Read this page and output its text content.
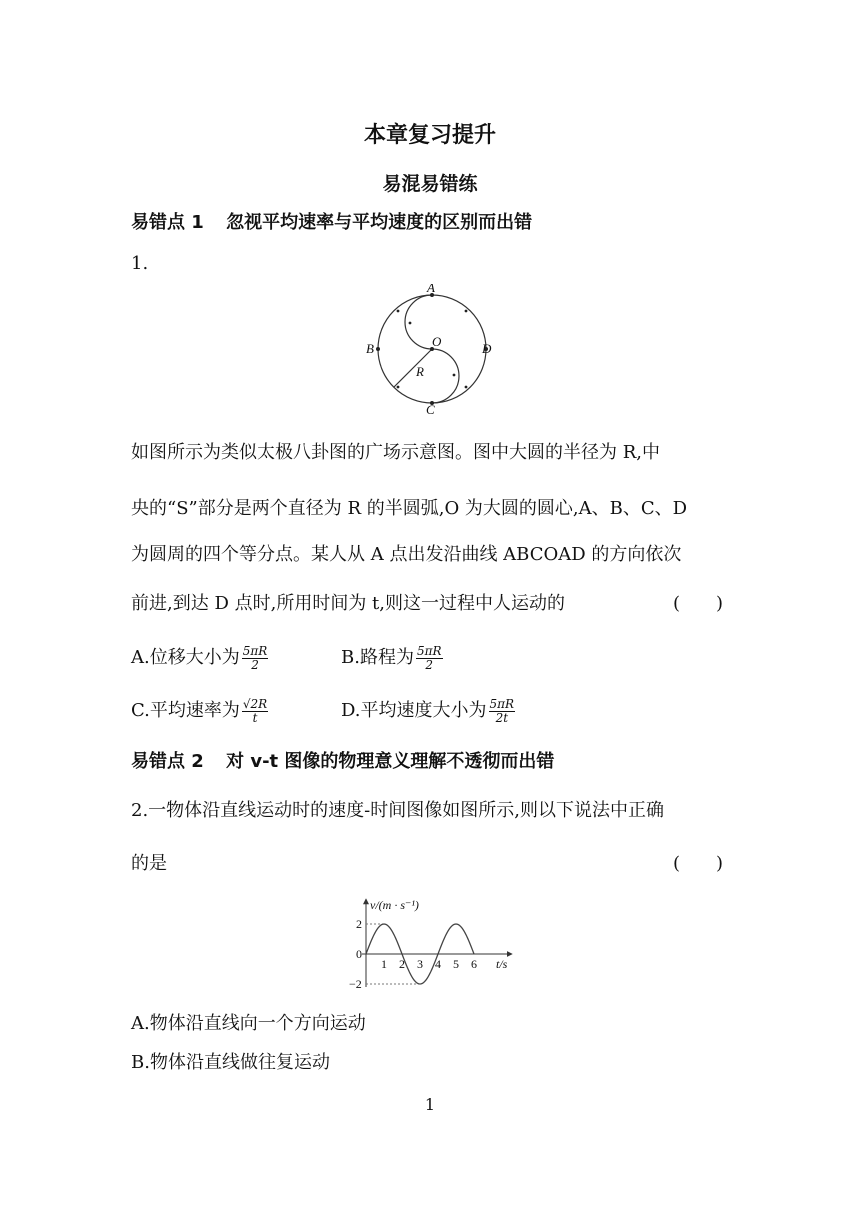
本章复习提升
易混易错练
易错点 1 忽视平均速率与平均速度的区别而出错
1.
A
B
C
D
O
R
如图所示为类似太极八卦图的广场示意图。图中大圆的半径为 R,中
央的“S”部分是两个直径为 R 的半圆弧,O 为大圆的圆心,A、B、C、D
为圆周的四个等分点。某人从 A 点出发沿曲线 ABCOAD 的方向依次
前进,到达 D 点时,所用时间为 t,则这一过程中人运动的	(　　)
A.位移大小为 $\frac{5\pi R}{2}$	B.路程为 $\frac{5\pi R}{2}$
C.平均速率为 $\frac{√2R}{t}$	D.平均速度大小为 $\frac{5\pi R}{2t}$
易错点 2 对 v-t 图像的物理意义理解不透彻而出错
2.一物体沿直线运动时的速度-时间图像如图所示,则以下说法中正确
的是	(　　)
v/(m · s⁻¹)
t/s
2
0
−2
1 2 3 4 5 6
A.物体沿直线向一个方向运动
B.物体沿直线做往复运动
1
